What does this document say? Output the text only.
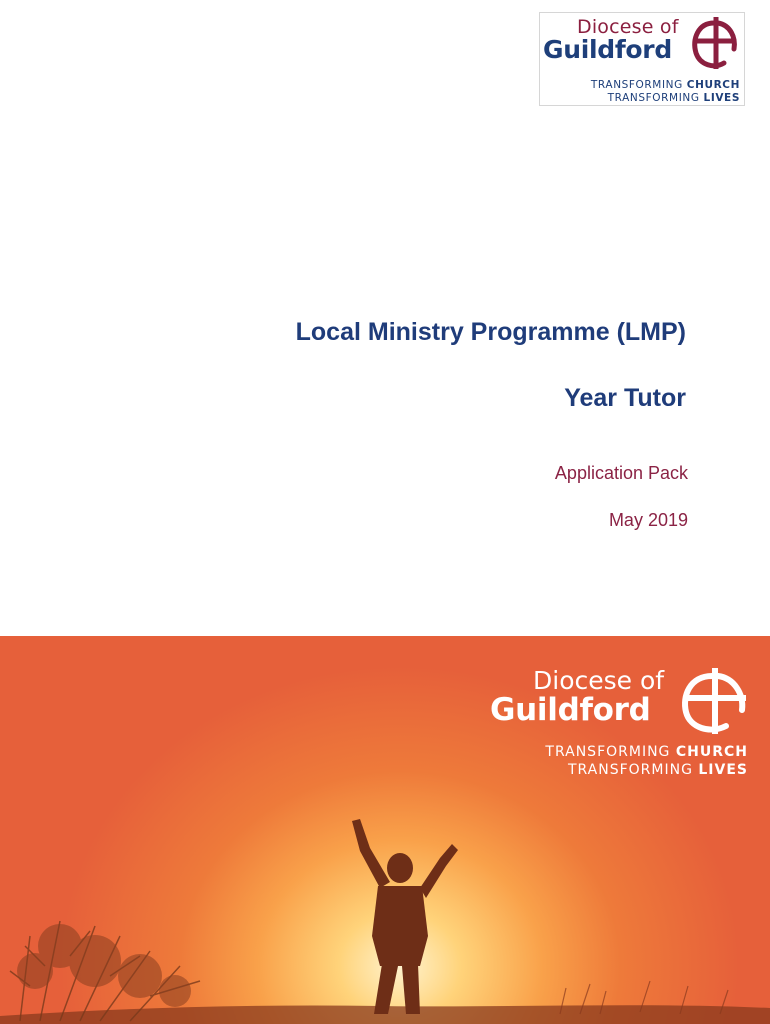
Diocese of
Guildford
TRANSFORMING CHURCH
TRANSFORMING LIVES
Local Ministry Programme (LMP)
Year Tutor
Application Pack
May 2019
Diocese of
Guildford
TRANSFORMING CHURCH
TRANSFORMING LIVES
